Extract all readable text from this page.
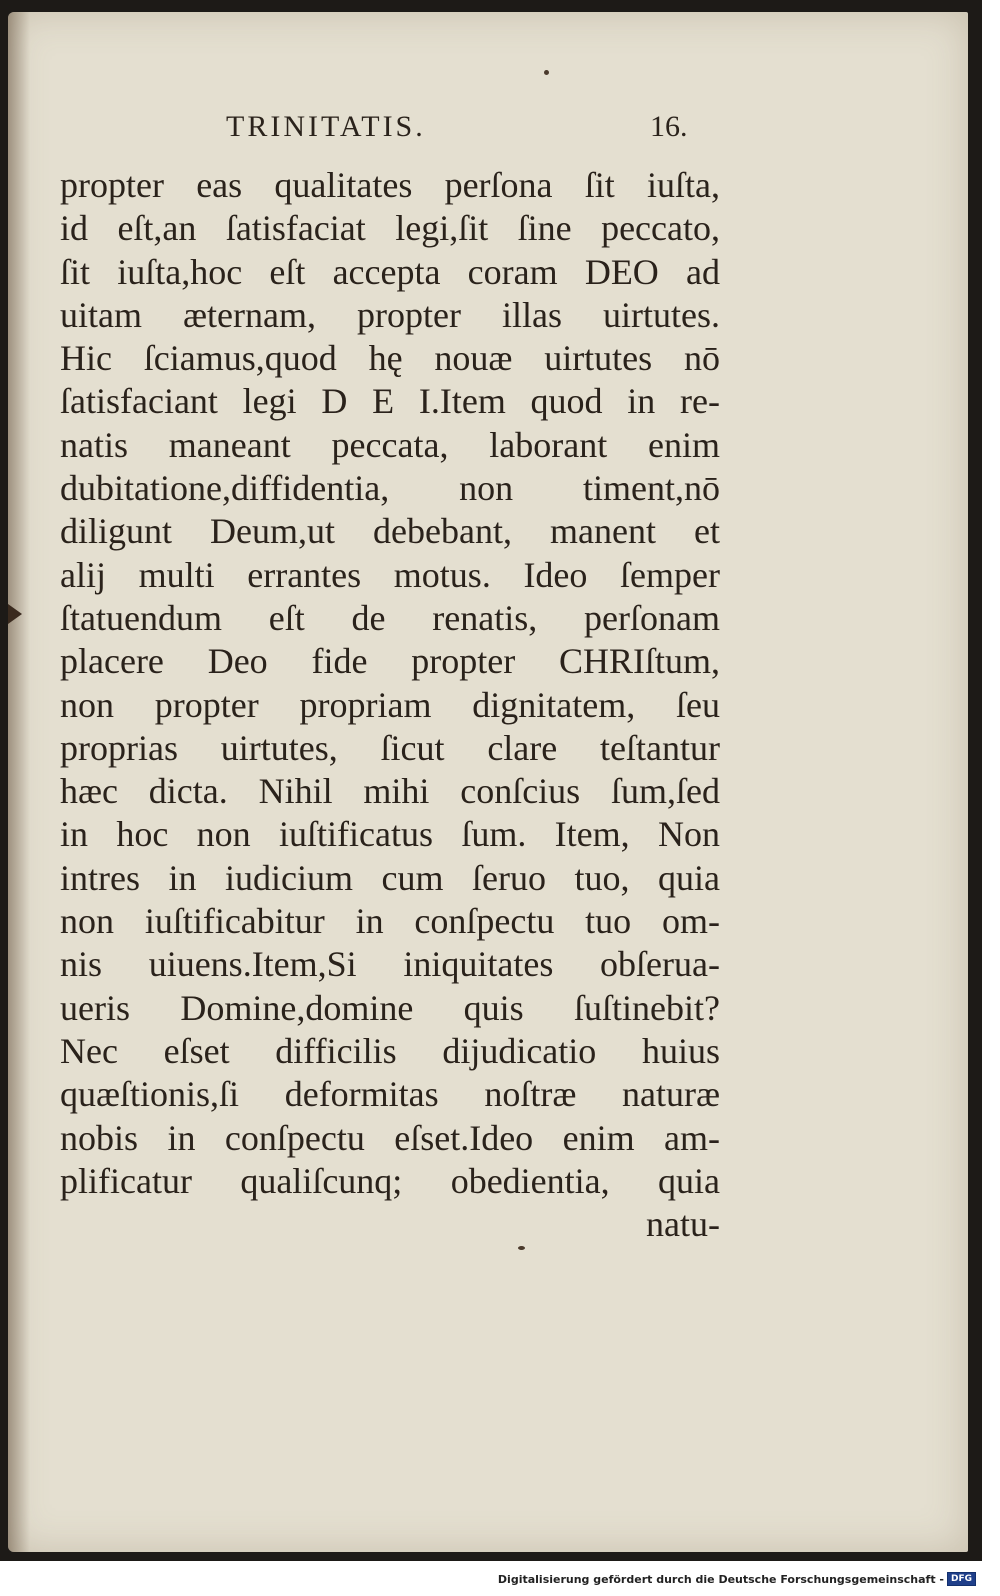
TRINITATIS.	16.
propter eas qualitates perſona ſit iuſta,
id eſt,an ſatisfaciat legi,ſit ſine peccato,
ſit iuſta,hoc eſt accepta coram DEO ad
uitam æternam, propter illas uirtutes.
Hic ſciamus,quod hę nouæ uirtutes nō
ſatisfaciant legi D E I.Item quod in re-
natis maneant peccata, laborant enim
dubitatione,diffidentia, non timent,nō
diligunt Deum,ut debebant, manent et
alij multi errantes motus. Ideo ſemper
ſtatuendum eſt de renatis, perſonam
placere Deo fide propter CHRIſtum,
non propter propriam dignitatem, ſeu
proprias uirtutes, ſicut clare teſtantur
hæc dicta. Nihil mihi conſcius ſum,ſed
in hoc non iuſtificatus ſum. Item, Non
intres in iudicium cum ſeruo tuo, quia
non iuſtificabitur in conſpectu tuo om-
nis uiuens.Item,Si iniquitates obſerua-
ueris Domine,domine quis ſuſtinebit?
Nec eſset difficilis dijudicatio huius
quæſtionis,ſi deformitas noſtræ naturæ
nobis in conſpectu eſset.Ideo enim am-
plificatur qualiſcunq; obedientia, quia
natu-
Digitalisierung gefördert durch die Deutsche Forschungsgemeinschaft - DFG
